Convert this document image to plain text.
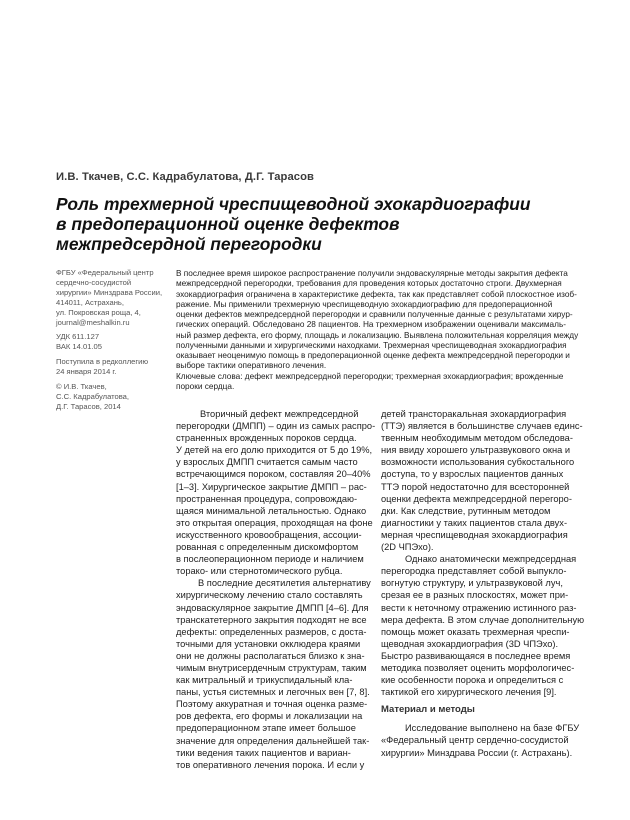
И.В. Ткачев, С.С. Кадрабулатова, Д.Г. Тарасов
Роль трехмерной чреспищеводной эхокардиографии
в предоперационной оценке дефектов
межпредсердной перегородки
ФГБУ «Федеральный центр
сердечно-сосудистой
хирургии» Минздрава России,
414011, Астрахань,
ул. Покровская роща, 4,
journal@meshalkin.ru
УДК 611.127
ВАК 14.01.05
Поступила в редколлегию
24 января 2014 г.
© И.В. Ткачев,
С.С. Кадрабулатова,
Д.Г. Тарасов, 2014
В последнее время широкое распространение получили эндоваскулярные методы закрытия дефекта
межпредсердной перегородки, требования для проведения которых достаточно строги. Двухмерная
эхокардиография ограничена в характеристике дефекта, так как представляет собой плоскостное изоб-
ражение. Мы применили трехмерную чреспищеводную эхокардиографию для предоперационной
оценки дефектов межпредсердной перегородки и сравнили полученные данные с результатами хирур-
гических операций. Обследовано 28 пациентов. На трехмерном изображении оценивали максималь-
ный размер дефекта, его форму, площадь и локализацию. Выявлена положительная корреляция между
полученными данными и хирургическими находками. Трехмерная чреспищеводная эхокардиография
оказывает неоценимую помощь в предоперационной оценке дефекта межпредсердной перегородки и
выборе тактики оперативного лечения.
Ключевые слова: дефект межпредсердной перегородки; трехмерная эхокардиография; врожденные
пороки сердца.
Вторичный дефект межпредсердной
перегородки (ДМПП) – один из самых распро-
страненных врожденных пороков сердца.
У детей на его долю приходится от 5 до 19%,
у взрослых ДМПП считается самым часто
встречающимся пороком, составляя 20–40%
[1–3]. Хирургическое закрытие ДМПП – рас-
пространенная процедура, сопровождаю-
щаяся минимальной летальностью. Однако
это открытая операция, проходящая на фоне
искусственного кровообращения, ассоции-
рованная с определенным дискомфортом
в послеоперационном периоде и наличием
торако- или стернотомического рубца.
В последние десятилетия альтернативу
хирургическому лечению стало составлять
эндоваскулярное закрытие ДМПП [4–6]. Для
транскатетерного закрытия подходят не все
дефекты: определенных размеров, с доста-
точными для установки окклюдера краями
они не должны располагаться близко к зна-
чимым внутрисердечным структурам, таким
как митральный и трикуспидальный кла-
паны, устья системных и легочных вен [7, 8].
Поэтому аккуратная и точная оценка разме-
ров дефекта, его формы и локализации на
предоперационном этапе имеет большое
значение для определения дальнейшей так-
тики ведения таких пациентов и вариан-
тов оперативного лечения порока. И если у
детей трансторакальная эхокардиография
(ТТЭ) является в большинстве случаев единс-
твенным необходимым методом обследова-
ния ввиду хорошего ультразвукового окна и
возможности использования субкостального
доступа, то у взрослых пациентов данных
ТТЭ порой недостаточно для всесторонней
оценки дефекта межпредсердной перегоро-
дки. Как следствие, рутинным методом
диагностики у таких пациентов стала двух-
мерная чреспищеводная эхокардиография
(2D ЧПЭхо).
Однако анатомически межпредсердная
перегородка представляет собой выпукло-
вогнутую структуру, и ультразвуковой луч,
срезая ее в разных плоскостях, может при-
вести к неточному отражению истинного раз-
мера дефекта. В этом случае дополнительную
помощь может оказать трехмерная чреспи-
щеводная эхокардиография (3D ЧПЭхо).
Быстро развивающаяся в последнее время
методика позволяет оценить морфологичес-
кие особенности порока и определиться с
тактикой его хирургического лечения [9].
Материал и методы
Исследование выполнено на базе ФГБУ
«Федеральный центр сердечно-сосудистой
хирургии» Минздрава России (г. Астрахань).
